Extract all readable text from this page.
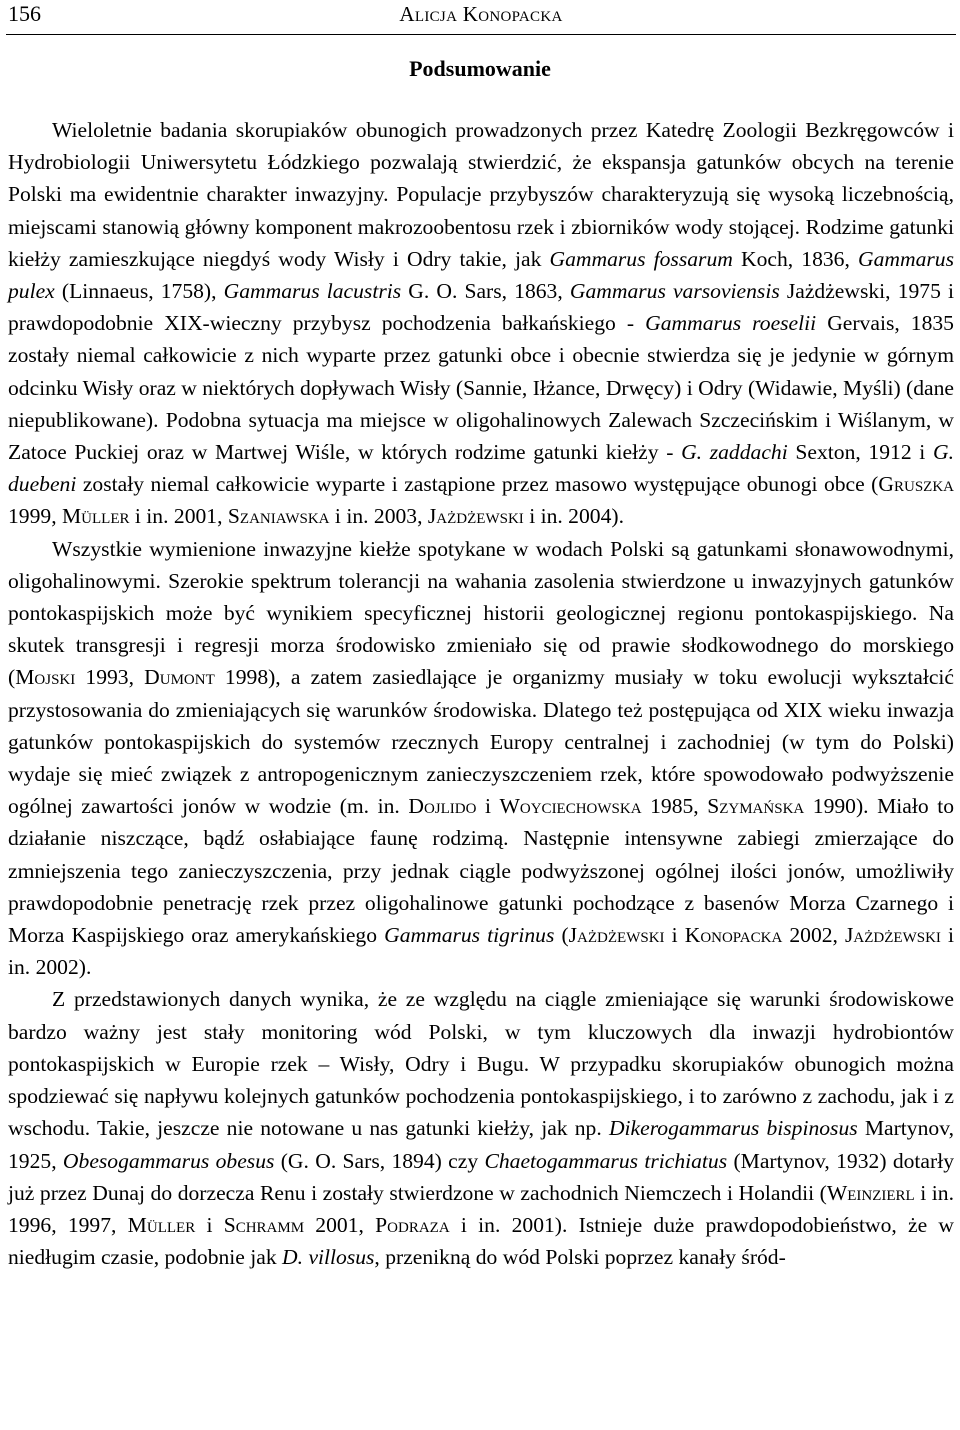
156	Alicja Konopacka
Podsumowanie

Wieloletnie badania skorupiaków obunogich prowadzonych przez Katedrę Zoologii Bezkręgowców i Hydrobiologii Uniwersytetu Łódzkiego pozwalają stwierdzić, że ekspansja gatunków obcych na terenie Polski ma ewidentnie charakter inwazyjny. Populacje przybyszów charakteryzują się wysoką liczebnością, miejscami stanowią główny komponent makrozoobentosu rzek i zbiorników wody stojącej. Rodzime gatunki kiełży zamieszkujące niegdyś wody Wisły i Odry takie, jak Gammarus fossarum Koch, 1836, Gammarus pulex (Linnaeus, 1758), Gammarus lacustris G. O. Sars, 1863, Gammarus varsoviensis Jażdżewski, 1975 i prawdopodobnie XIX-wieczny przybysz pochodzenia bałkańskiego - Gammarus roeselii Gervais, 1835 zostały niemal całkowicie z nich wyparte przez gatunki obce i obecnie stwierdza się je jedynie w górnym odcinku Wisły oraz w niektórych dopływach Wisły (Sannie, Iłżance, Drwęcy) i Odry (Widawie, Myśli) (dane niepublikowane). Podobna sytuacja ma miejsce w oligohalinowych Zalewach Szczecińskim i Wiślanym, w Zatoce Puckiej oraz w Martwej Wiśle, w których rodzime gatunki kiełży - G. zaddachi Sexton, 1912 i G. duebeni zostały niemal całkowicie wyparte i zastąpione przez masowo występujące obunogi obce (Gruszka 1999, Müller i in. 2001, Szaniawska i in. 2003, Jażdżewski i in. 2004).

Wszystkie wymienione inwazyjne kiełże spotykane w wodach Polski są gatunkami słonawowodnymi, oligohalinowymi. Szerokie spektrum tolerancji na wahania zasolenia stwierdzone u inwazyjnych gatunków pontokaspijskich może być wynikiem specyficznej historii geologicznej regionu pontokaspijskiego. Na skutek transgresji i regresji morza środowisko zmieniało się od prawie słodkowodnego do morskiego (Mojski 1993, Dumont 1998), a zatem zasiedlające je organizmy musiały w toku ewolucji wykształcić przystosowania do zmieniających się warunków środowiska. Dlatego też postępująca od XIX wieku inwazja gatunków pontokaspijskich do systemów rzecznych Europy centralnej i zachodniej (w tym do Polski) wydaje się mieć związek z antropogenicznym zanieczyszczeniem rzek, które spowodowało podwyższenie ogólnej zawartości jonów w wodzie (m. in. Dojlido i Woyciechowska 1985, Szymańska 1990). Miało to działanie niszczące, bądź osłabiające faunę rodzimą. Następnie intensywne zabiegi zmierzające do zmniejszenia tego zanieczyszczenia, przy jednak ciągle podwyższonej ogólnej ilości jonów, umożliwiły prawdopodobnie penetrację rzek przez oligohalinowe gatunki pochodzące z basenów Morza Czarnego i Morza Kaspijskiego oraz amerykańskiego Gammarus tigrinus (Jażdżewski i Konopacka 2002, Jażdżewski i in. 2002).

Z przedstawionych danych wynika, że ze względu na ciągle zmieniające się warunki środowiskowe bardzo ważny jest stały monitoring wód Polski, w tym kluczowych dla inwazji hydrobiontów pontokaspijskich w Europie rzek – Wisły, Odry i Bugu. W przypadku skorupiaków obunogich można spodziewać się napływu kolejnych gatunków pochodzenia pontokaspijskiego, i to zarówno z zachodu, jak i z wschodu. Takie, jeszcze nie notowane u nas gatunki kiełży, jak np. Dikerogammarus bispinosus Martynov, 1925, Obesogammarus obesus (G. O. Sars, 1894) czy Chaetogammarus trichiatus (Martynov, 1932) dotarły już przez Dunaj do dorzecza Renu i zostały stwierdzone w zachodnich Niemczech i Holandii (Weinzierl i in. 1996, 1997, Müller i Schramm 2001, Podraza i in. 2001). Istnieje duże prawdopodobieństwo, że w niedługim czasie, podobnie jak D. villosus, przenikną do wód Polski poprzez kanały śród-
